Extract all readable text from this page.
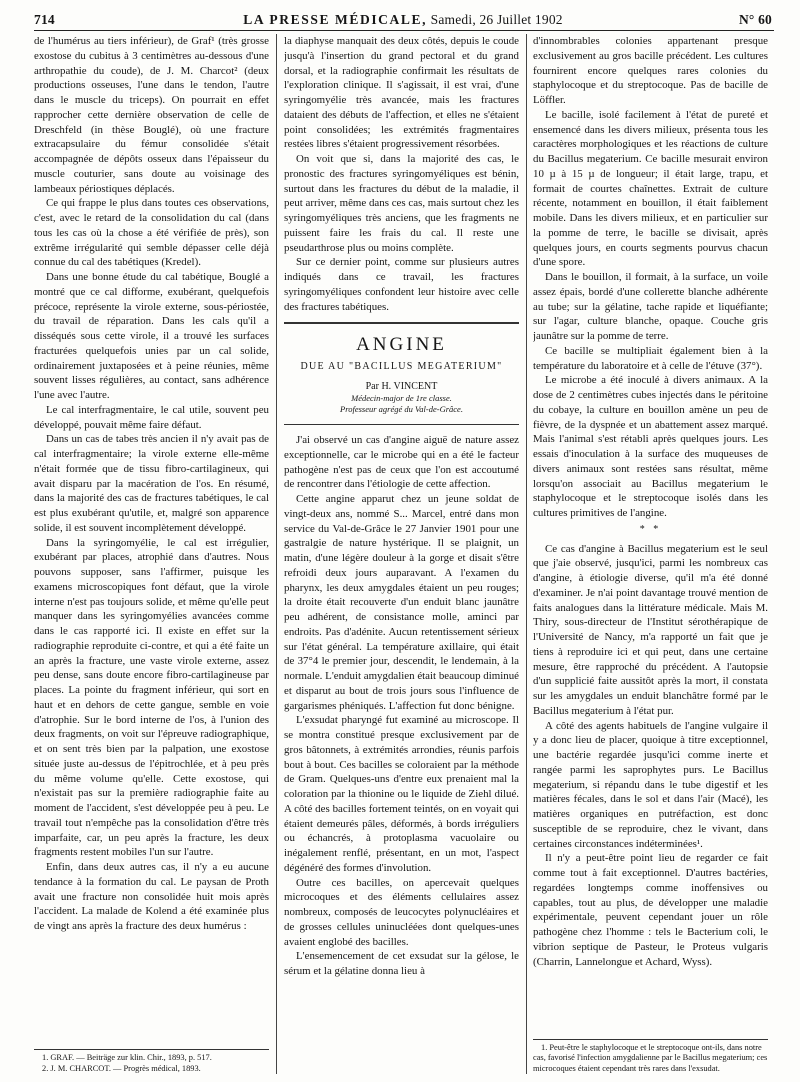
714	LA PRESSE MÉDICALE, Samedi, 26 Juillet 1902	N° 60

de l'humérus au tiers inférieur), de Graf¹ (très grosse exostose du cubitus à 3 centimètres au-dessous d'une arthropathie du coude), de J. M. Charcot² (deux productions osseuses, l'une dans le tendon, l'autre dans le muscle du triceps). On pourrait en effet rapprocher cette dernière observation de celle de Dreschfeld (in thèse Bouglé), où une fracture extracapsulaire du fémur consolidée s'était accompagnée de dépôts osseux dans l'épaisseur du muscle couturier, sans doute au voisinage des lambeaux périostiques déplacés.

Ce qui frappe le plus dans toutes ces observations, c'est, avec le retard de la consolidation du cal (dans tous les cas où la chose a été vérifiée de près), son extrême irrégularité qui semble dépasser celle déjà connue du cal des tabétiques (Kredel).

Dans une bonne étude du cal tabétique, Bouglé a montré que ce cal difforme, exubérant, quelquefois précoce, représente la virole externe, sous-périostée, du travail de réparation. Dans les cals qu'il a disséqués sous cette virole, il a trouvé les surfaces fracturées quelquefois unies par un cal solide, ordinairement juxtaposées et à peine réunies, même souvent lisses régulières, au contact, sans adhérence l'une avec l'autre.

Le cal interfragmentaire, le cal utile, souvent peu développé, pouvait même faire défaut.

Dans un cas de tabes très ancien il n'y avait pas de cal interfragmentaire; la virole externe elle-même n'était formée que de tissu fibro-cartilagineux, qui avait disparu par la macération de l'os. En résumé, dans la majorité des cas de fractures tabétiques, le cal est plus exubérant qu'utile, et, malgré son apparence solide, il est souvent incomplètement développé.

Dans la syringomyélie, le cal est irrégulier, exubérant par places, atrophié dans d'autres. Nous pouvons supposer, sans l'affirmer, puisque les examens microscopiques font défaut, que la virole interne n'est pas toujours solide, et même qu'elle peut manquer dans les syringomyélies avancées comme dans le cas rapporté ici. Il existe en effet sur la radiographie reproduite ci-contre, et qui a été faite un an après la fracture, une vaste virole externe, assez peu dense, sans doute encore fibro-cartilagineuse par places. La pointe du fragment inférieur, qui sort en haut et en dehors de cette gangue, semble en voie d'atrophie. Sur le bord interne de l'os, à l'union des deux fragments, on voit sur l'épreuve radiographique, et on sent très bien par la palpation, une exostose située juste au-dessus de l'épitrochlée, et à peu près du même volume qu'elle. Cette exostose, qui n'existait pas sur la première radiographie faite au moment de l'accident, s'est développée peu à peu. Le travail tout n'empêche pas la consolidation d'être très imparfaite, car, un peu après la fracture, les deux fragments restent mobiles l'un sur l'autre.

Enfin, dans deux autres cas, il n'y a eu aucune tendance à la formation du cal. Le paysan de Proth avait une fracture non consolidée huit mois après l'accident. La malade de Kolend a été examinée plus de vingt ans après la fracture des deux humérus :

1. GRAF. — Beiträge zur klin. Chir., 1893, p. 517.
2. J. M. CHARCOT. — Progrès médical, 1893.

la diaphyse manquait des deux côtés, depuis le coude jusqu'à l'insertion du grand pectoral et du grand dorsal, et la radiographie confirmait les résultats de l'exploration clinique. Il s'agissait, il est vrai, d'une syringomyélie très avancée, mais les fractures dataient des débuts de l'affection, et elles ne s'étaient point consolidées; les extrémités fragmentaires restées libres s'étaient progressivement résorbées.

On voit que si, dans la majorité des cas, le pronostic des fractures syringomyéliques est bénin, surtout dans les fractures du début de la maladie, il peut arriver, même dans ces cas, mais surtout chez les syringomyéliques très anciens, que les fragments ne puissent faire les frais du cal. Il reste une pseudarthrose plus ou moins complète.

Sur ce dernier point, comme sur plusieurs autres indiqués dans ce travail, les fractures syringomyéliques confondent leur histoire avec celle des fractures tabétiques.

ANGINE
DUE AU "BACILLUS MEGATERIUM"
Par H. VINCENT
Médecin-major de 1re classe.
Professeur agrégé du Val-de-Grâce.

J'ai observé un cas d'angine aiguë de nature assez exceptionnelle, car le microbe qui en a été le facteur pathogène n'est pas de ceux que l'on est accoutumé de rencontrer dans l'étiologie de cette affection.

Cette angine apparut chez un jeune soldat de vingt-deux ans, nommé S... Marcel, entré dans mon service du Val-de-Grâce le 27 Janvier 1901 pour une gastralgie de nature hystérique. Il se plaignit, un matin, d'une légère douleur à la gorge et disait s'être refroidi deux jours auparavant. A l'examen du pharynx, les deux amygdales étaient un peu rouges; la droite était recouverte d'un enduit blanc jaunâtre peu adhérent, de consistance molle, aminci par endroits. Pas d'adénite. Aucun retentissement sérieux sur l'état général. La température axillaire, qui était de 37°4 le premier jour, descendit, le lendemain, à la normale. L'enduit amygdalien était beaucoup diminué et disparut au bout de trois jours sous l'influence de gargarismes phéniqués. L'affection fut donc bénigne.

L'exsudat pharyngé fut examiné au microscope. Il se montra constitué presque exclusivement par de gros bâtonnets, à extrémités arrondies, réunis parfois bout à bout. Ces bacilles se coloraient par la méthode de Gram. Quelques-uns d'entre eux prenaient mal la coloration par la thionine ou le liquide de Ziehl dilué. A côté des bacilles fortement teintés, on en voyait qui étaient demeurés pâles, déformés, à bords irréguliers ou échancrés, à protoplasma vacuolaire ou inégalement renflé, présentant, en un mot, l'aspect dégénéré des formes d'involution.

Outre ces bacilles, on apercevait quelques microcoques et des éléments cellulaires assez nombreux, composés de leucocytes polynucléaires et de grosses cellules uninucléées dont quelques-unes avaient englobé des bacilles.

L'ensemencement de cet exsudat sur la gélose, le sérum et la gélatine donna lieu à

d'innombrables colonies appartenant presque exclusivement au gros bacille précédent. Les cultures fournirent encore quelques rares colonies du staphylocoque et du streptocoque. Pas de bacille de Löffler.

Le bacille, isolé facilement à l'état de pureté et ensemencé dans les divers milieux, présenta tous les caractères morphologiques et les réactions de culture du Bacillus megaterium. Ce bacille mesurait environ 10 µ à 15 µ de longueur; il était large, trapu, et formait de courtes chaînettes. Extrait de culture récente, notamment en bouillon, il était faiblement mobile. Dans les divers milieux, et en particulier sur la pomme de terre, le bacille se divisait, après quelques jours, en courts segments pourvus chacun d'une spore.

Dans le bouillon, il formait, à la surface, un voile assez épais, bordé d'une collerette blanche adhérente au tube; sur la gélatine, tache rapide et liquéfiante; sur l'agar, culture blanche, opaque. Couche gris jaunâtre sur la pomme de terre.

Ce bacille se multipliait également bien à la température du laboratoire et à celle de l'étuve (37°).

Le microbe a été inoculé à divers animaux. A la dose de 2 centimètres cubes injectés dans le péritoine du cobaye, la culture en bouillon amène un peu de fièvre, de la dyspnée et un abattement assez marqué. Mais l'animal s'est rétabli après quelques jours. Les essais d'inoculation à la surface des muqueuses de divers animaux sont restées sans résultat, même lorsqu'on associait au Bacillus megaterium le staphylocoque et le streptocoque isolés dans les cultures primitives de l'angine.

* *

Ce cas d'angine à Bacillus megaterium est le seul que j'aie observé, jusqu'ici, parmi les nombreux cas d'angine, à étiologie diverse, qu'il m'a été donné d'examiner. Je n'ai point davantage trouvé mention de faits analogues dans la littérature médicale. Mais M. Thiry, sous-directeur de l'Institut sérothérapique de l'Université de Nancy, m'a rapporté un fait que je tiens à reproduire ici et qui peut, dans une certaine mesure, être rapproché du précédent. A l'autopsie d'un supplicié faite aussitôt après la mort, il constata sur les amygdales un enduit blanchâtre formé par le Bacillus megaterium à l'état pur.

A côté des agents habituels de l'angine vulgaire il y a donc lieu de placer, quoique à titre exceptionnel, une bactérie regardée jusqu'ici comme inerte et rangée parmi les saprophytes purs. Le Bacillus megaterium, si répandu dans le tube digestif et les matières fécales, dans le sol et dans l'air (Macé), les matières organiques en putréfaction, est donc susceptible de se reproduire, chez le vivant, dans certaines circonstances indéterminées¹.

Il n'y a peut-être point lieu de regarder ce fait comme tout à fait exceptionnel. D'autres bactéries, regardées longtemps comme inoffensives ou capables, tout au plus, de développer une maladie expérimentale, peuvent cependant jouer un rôle pathogène chez l'homme : tels le Bacterium coli, le vibrion septique de Pasteur, le Proteus vulgaris (Charrin, Lannelongue et Achard, Wyss).

1. Peut-être le staphylocoque et le streptocoque ont-ils, dans notre cas, favorisé l'infection amygdalienne par le Bacillus megaterium; ces microcoques étaient cependant très rares dans l'exsudat.
